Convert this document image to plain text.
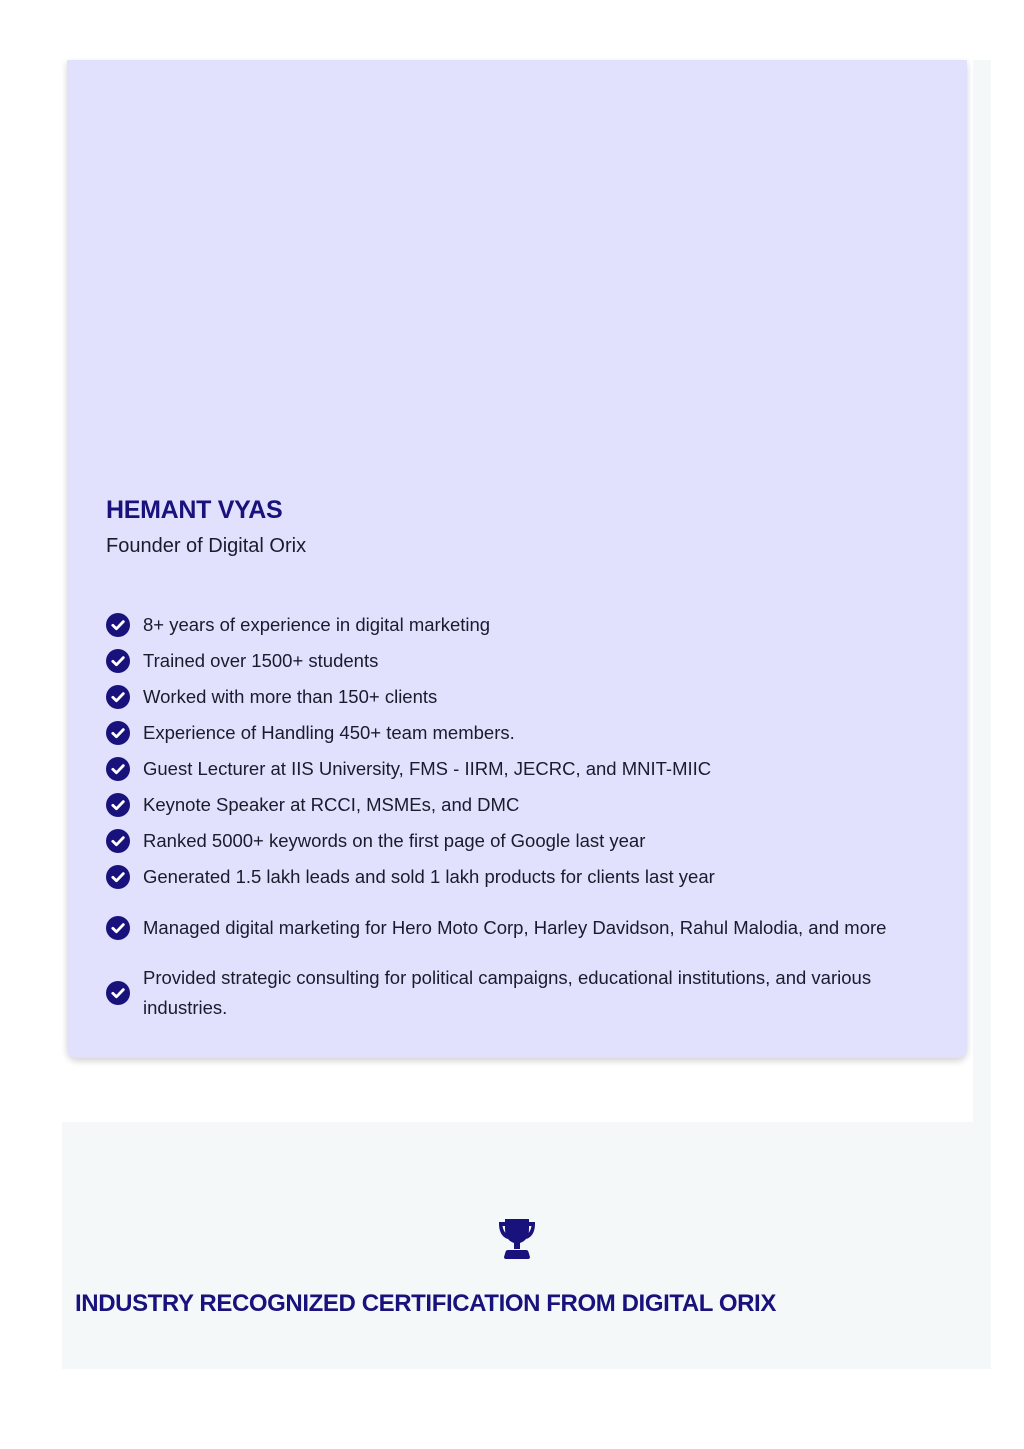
HEMANT VYAS

Founder of Digital Orix

8+ years of experience in digital marketing
Trained over 1500+ students
Worked with more than 150+ clients
Experience of Handling 450+ team members.
Guest Lecturer at IIS University, FMS - IIRM, JECRC, and MNIT-MIIC
Keynote Speaker at RCCI, MSMEs, and DMC
Ranked 5000+ keywords on the first page of Google last year
Generated 1.5 lakh leads and sold 1 lakh products for clients last year
Managed digital marketing for Hero Moto Corp, Harley Davidson, Rahul Malodia, and more
Provided strategic consulting for political campaigns, educational institutions, and various industries.
INDUSTRY RECOGNIZED CERTIFICATION FROM DIGITAL ORIX
